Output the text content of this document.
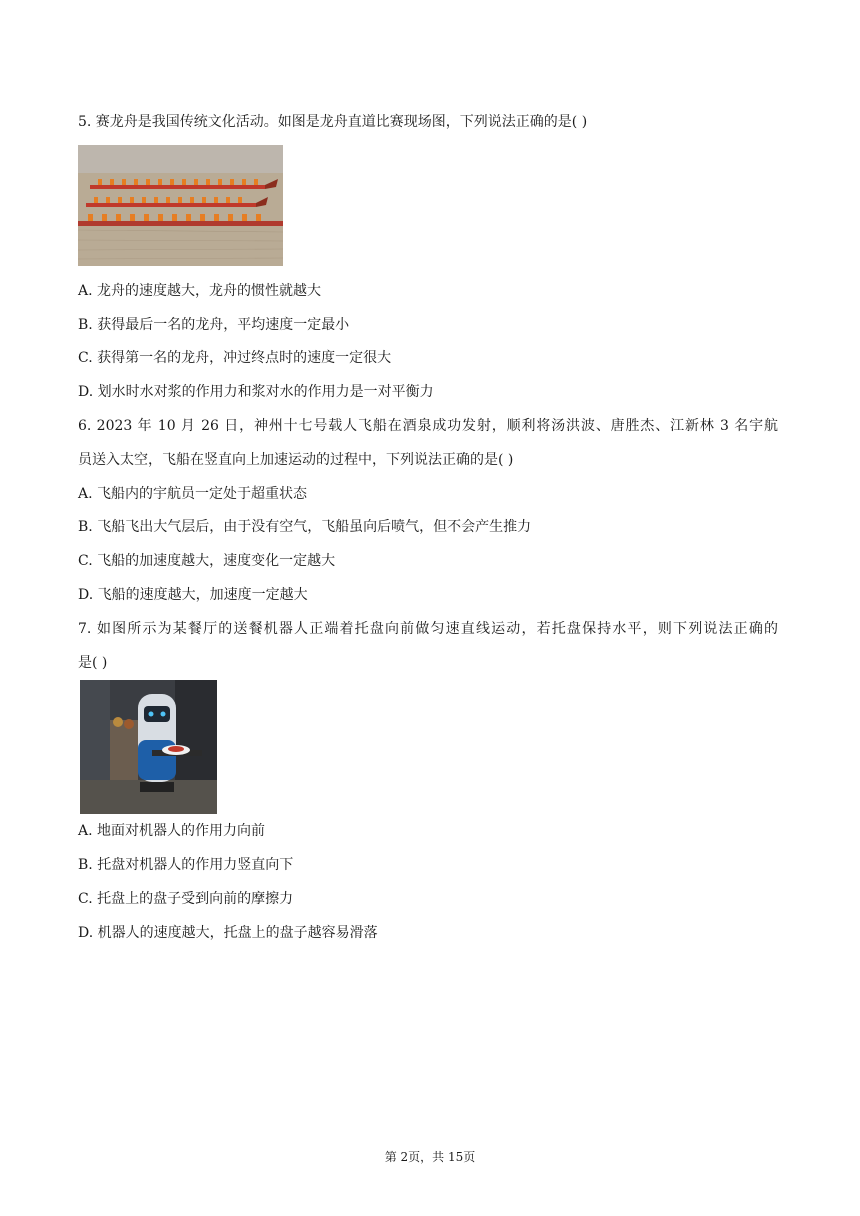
5. 赛龙舟是我国传统文化活动。如图是龙舟直道比赛现场图，下列说法正确的是( )
A. 龙舟的速度越大，龙舟的惯性就越大
B. 获得最后一名的龙舟，平均速度一定最小
C. 获得第一名的龙舟，冲过终点时的速度一定很大
D. 划水时水对浆的作用力和浆对水的作用力是一对平衡力
6. 2023 年 10 月 26 日，神州十七号载人飞船在酒泉成功发射，顺利将汤洪波、唐胜杰、江新林 3 名宇航
员送入太空，飞船在竖直向上加速运动的过程中，下列说法正确的是( )
A. 飞船内的宇航员一定处于超重状态
B. 飞船飞出大气层后，由于没有空气，飞船虽向后喷气，但不会产生推力
C. 飞船的加速度越大，速度变化一定越大
D. 飞船的速度越大，加速度一定越大
7. 如图所示为某餐厅的送餐机器人正端着托盘向前做匀速直线运动，若托盘保持水平，则下列说法正确的
是( )
A. 地面对机器人的作用力向前
B. 托盘对机器人的作用力竖直向下
C. 托盘上的盘子受到向前的摩擦力
D. 机器人的速度越大，托盘上的盘子越容易滑落
第 2页，共 15页
